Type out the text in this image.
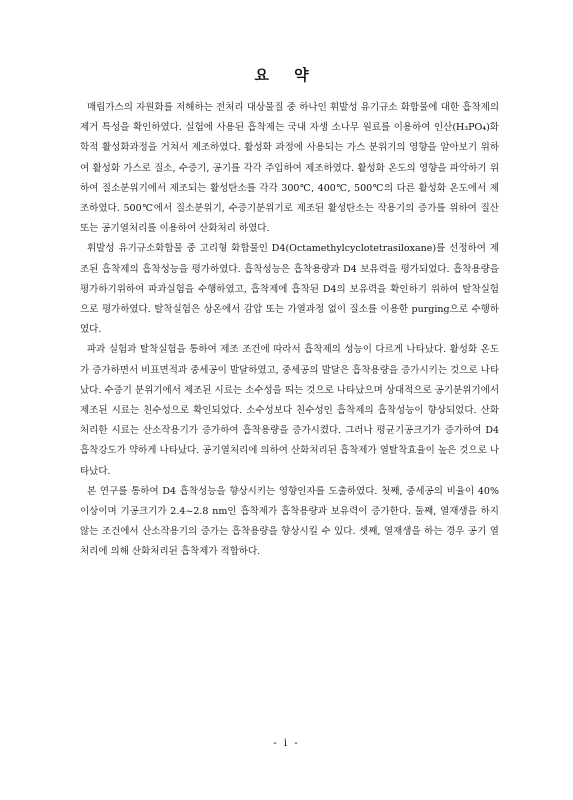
요 약

매립가스의 자원화를 저해하는 전처리 대상물질 중 하나인 휘발성 유기규소 화합물에 대한 흡착제의 제거 특성을 확인하였다. 실험에 사용된 흡착제는 국내 자생 소나무 원료를 이용하여 인산(H₃PO₄)화학적 활성화과정을 거쳐서 제조하였다. 활성화 과정에 사용되는 가스 분위기의 영향을 알아보기 위하여 활성화 가스로 질소, 수증기, 공기를 각각 주입하여 제조하였다. 활성화 온도의 영향을 파악하기 위하여 질소분위기에서 제조되는 활성탄소를 각각 300℃, 400℃, 500℃의 다른 활성화 온도에서 제조하였다. 500℃에서 질소분위기, 수증기분위기로 제조된 활성탄소는 작용기의 증가를 위하여 질산 또는 공기열처리를 이용하여 산화처리 하였다.

휘발성 유기규소화합물 중 고리형 화합물인 D4(Octamethylcyclotetrasiloxane)를 선정하여 제조된 흡착제의 흡착성능을 평가하였다. 흡착성능은 흡착용량과 D4 보유력을 평가되었다. 흡착용량을 평가하기위하여 파과실험을 수행하였고, 흡착제에 흡착된 D4의 보유력을 확인하기 위하여 탈착실험으로 평가하였다. 탈착실험은 상온에서 감압 또는 가열과정 없이 질소를 이용한 purging으로 수행하였다.

파과 실험과 탈착실험을 통하여 제조 조건에 따라서 흡착제의 성능이 다르게 나타났다. 활성화 온도가 증가하면서 비표면적과 중세공이 발달하였고, 중세공의 발달은 흡착용량을 증가시키는 것으로 나타났다. 수증기 분위기에서 제조된 시료는 소수성을 띄는 것으로 나타났으며 상대적으로 공기분위기에서 제조된 시료는 친수성으로 확인되었다. 소수성보다 친수성인 흡착제의 흡착성능이 향상되었다. 산화 처리한 시료는 산소작용기가 증가하여 흡착용량을 증가시켰다. 그러나 평균기공크기가 증가하여 D4 흡착강도가 약하게 나타났다. 공기열처리에 의하여 산화처리된 흡착제가 열탈착효율이 높은 것으로 나타났다.

본 연구를 통하여 D4 흡착성능을 향상시키는 영향인자를 도출하였다. 첫째, 중세공의 비율이 40%이상이며 기공크기가 2.4~2.8 nm인 흡착제가 흡착용량과 보유력이 증가한다. 둘째, 열재생을 하지 않는 조건에서 산소작용기의 증가는 흡착용량을 향상시킬 수 있다. 셋째, 열재생을 하는 경우 공기 열처리에 의해 산화처리된 흡착제가 적합하다.

- i -
